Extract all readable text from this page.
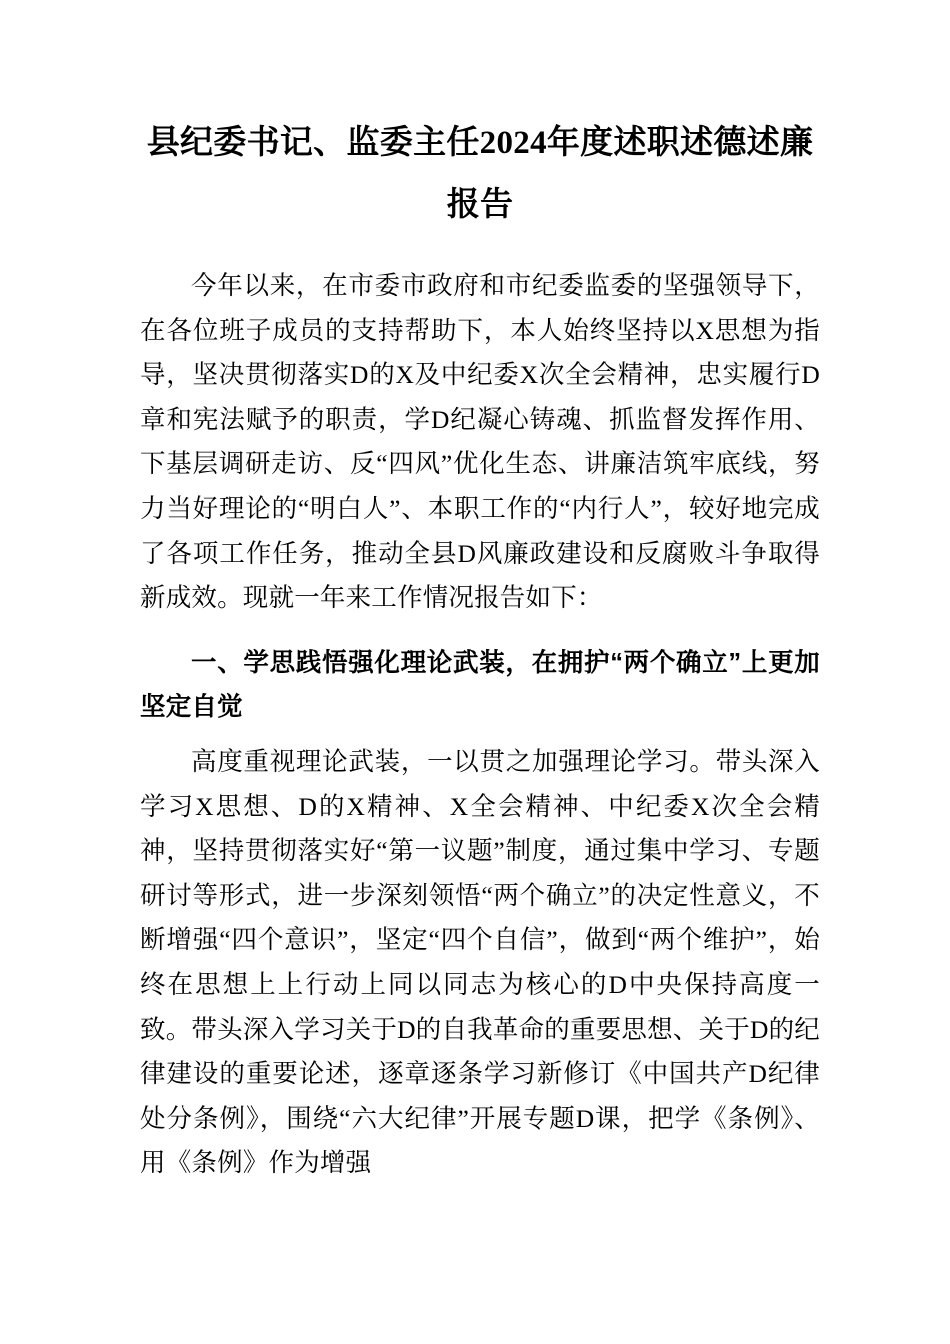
县纪委书记、监委主任2024年度述职述德述廉报告

今年以来，在市委市政府和市纪委监委的坚强领导下，在各位班子成员的支持帮助下，本人始终坚持以X思想为指导，坚决贯彻落实D的X及中纪委X次全会精神，忠实履行D章和宪法赋予的职责，学D纪凝心铸魂、抓监督发挥作用、下基层调研走访、反“四风”优化生态、讲廉洁筑牢底线，努力当好理论的“明白人”、本职工作的“内行人”，较好地完成了各项工作任务，推动全县D风廉政建设和反腐败斗争取得新成效。现就一年来工作情况报告如下：

一、学思践悟强化理论武装，在拥护“两个确立”上更加坚定自觉

高度重视理论武装，一以贯之加强理论学习。带头深入学习X思想、D的X精神、X全会精神、中纪委X次全会精神，坚持贯彻落实好“第一议题”制度，通过集中学习、专题研讨等形式，进一步深刻领悟“两个确立”的决定性意义，不断增强“四个意识”，坚定“四个自信”，做到“两个维护”，始终在思想上上行动上同以同志为核心的D中央保持高度一致。带头深入学习关于D的自我革命的重要思想、关于D的纪律建设的重要论述，逐章逐条学习新修订《中国共产D纪律处分条例》，围绕“六大纪律”开展专题D课，把学《条例》、用《条例》作为增强
